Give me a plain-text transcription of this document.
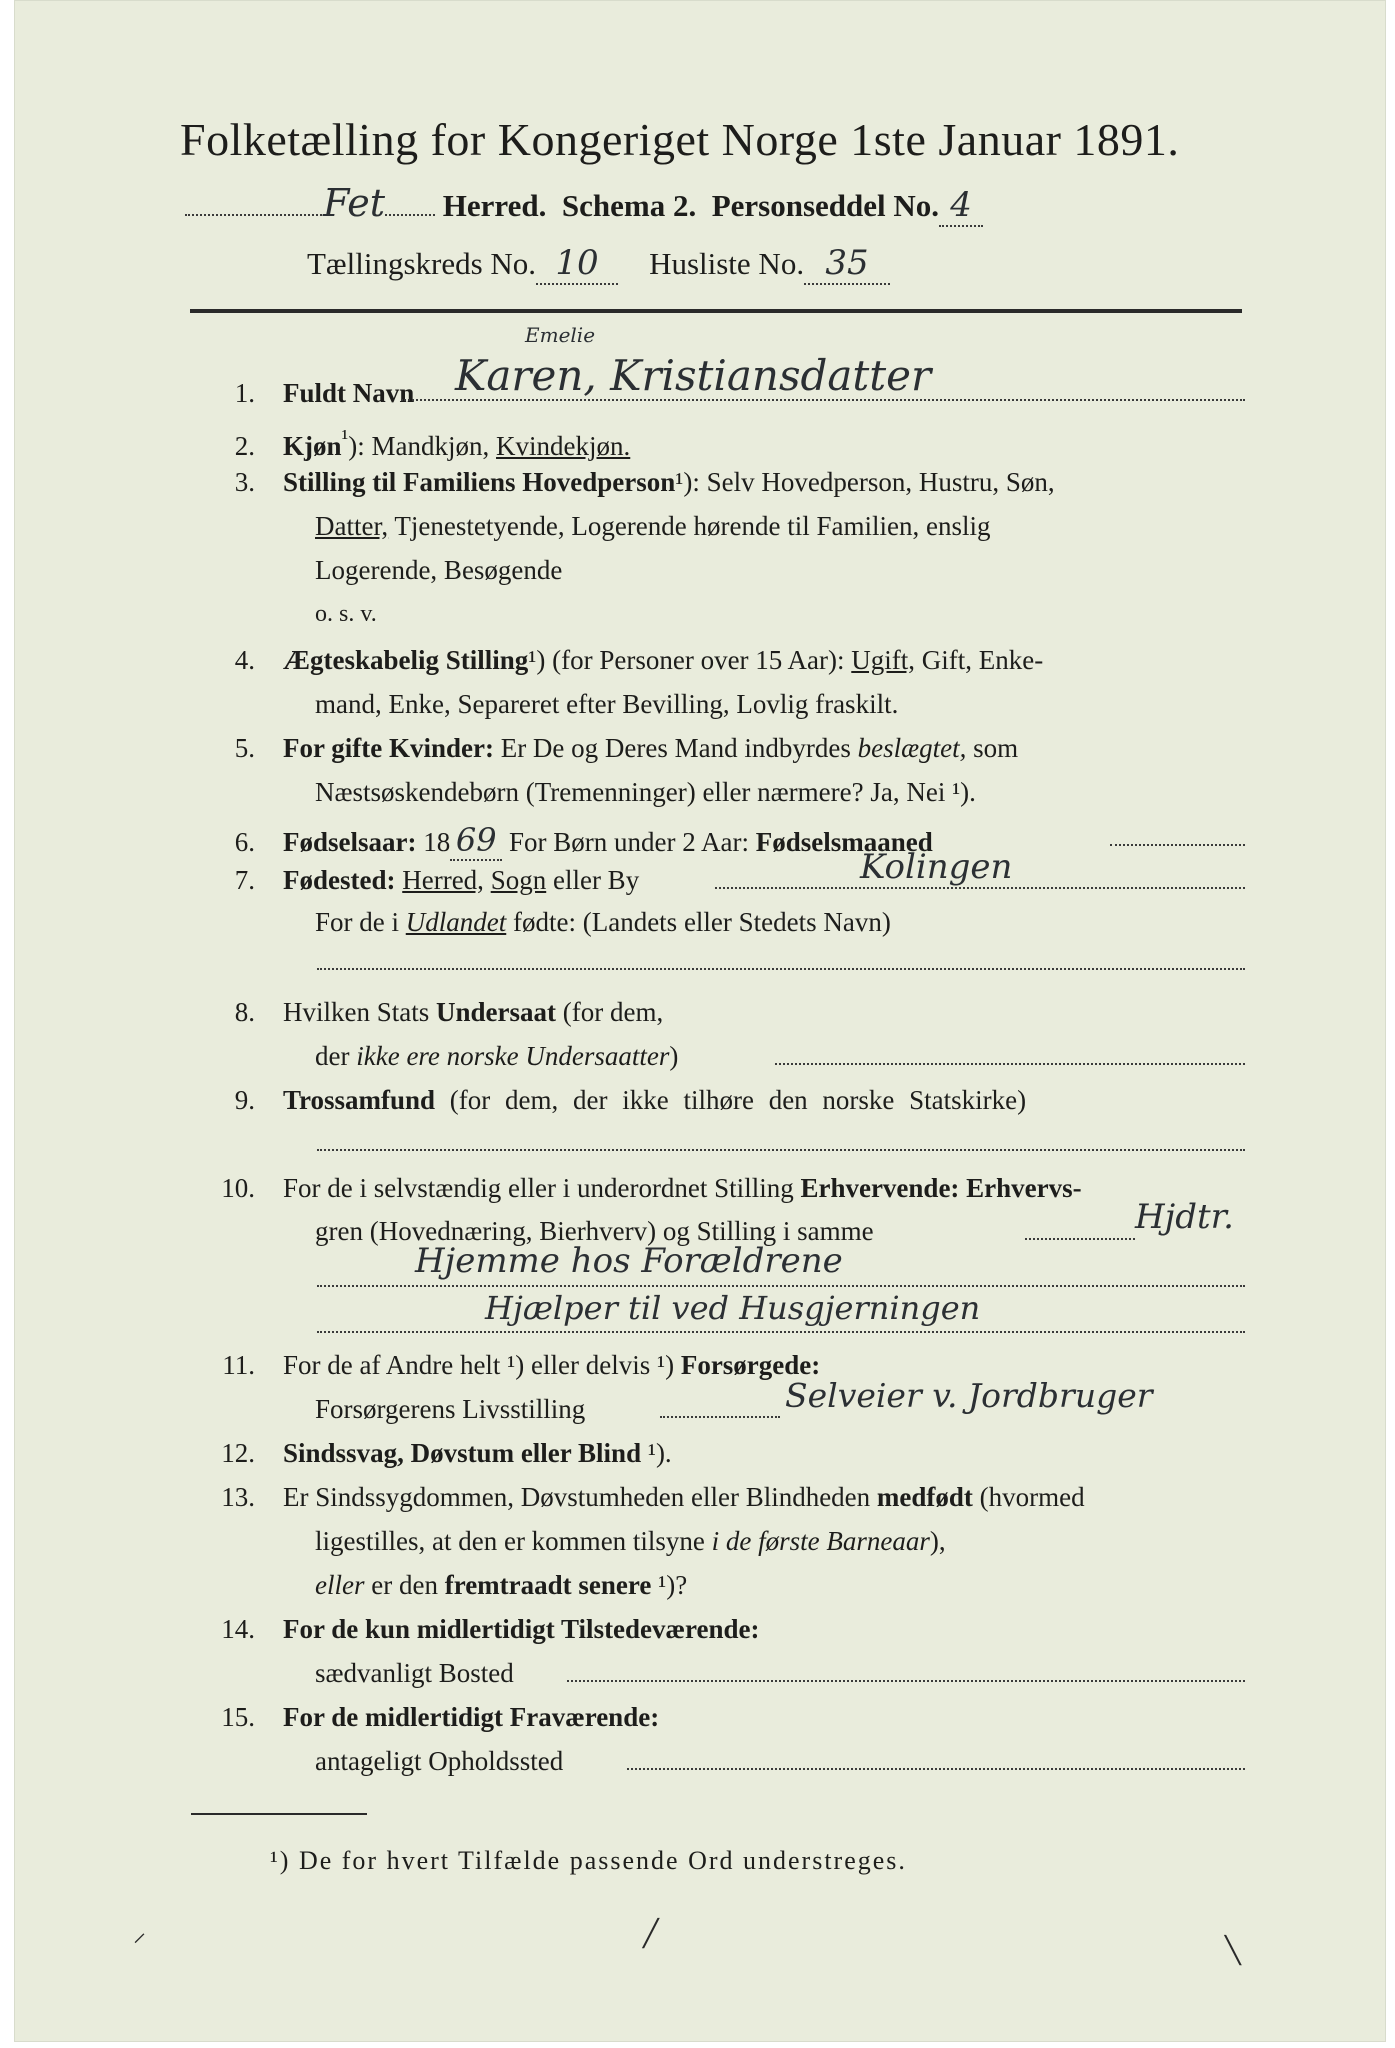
Folketælling for Kongeriget Norge 1ste Januar 1891.
Fet Herred. Schema 2. Personseddel No. 4
Tællingskreds No. 10 Husliste No. 35
Emelie
1. Fuldt Navn Karen, Kristiansdatter
2. Kjøn$^{^1}$): Mandkjøn, Kvindekjøn.
3. Stilling til Familiens Hovedperson¹): Selv Hovedperson, Hustru, Søn,
Datter, Tjenestetyende, Logerende hørende til Familien, enslig
Logerende, Besøgende
o. s. v.
4. Ægteskabelig Stilling¹) (for Personer over 15 Aar): Ugift, Gift, Enke-
mand, Enke, Separeret efter Bevilling, Lovlig fraskilt.
5. For gifte Kvinder: Er De og Deres Mand indbyrdes beslægtet, som
Næstsøskendebørn (Tremenninger) eller nærmere? Ja, Nei ¹).
6. Fødselsaar: 18 69 For Børn under 2 Aar: Fødselsmaaned
7. Fødested: Herred, Sogn eller By	Kolingen
For de i Udlandet fødte: (Landets eller Stedets Navn)
8. Hvilken Stats Undersaat (for dem,
der ikke ere norske Undersaatter)
9. Trossamfund (for dem, der ikke tilhøre den norske Statskirke)
10. For de i selvstændig eller i underordnet Stilling Erhvervende: Erhvervs-
gren (Hovednæring, Bierhverv) og Stilling i samme	Hjdtr.
Hjemme hos Forældrene
Hjælper til ved Husgjerningen
11. For de af Andre helt ¹) eller delvis ¹) Forsørgede:
Forsørgerens Livsstilling	Selveier v. Jordbruger
12. Sindssvag, Døvstum eller Blind ¹).
13. Er Sindssygdommen, Døvstumheden eller Blindheden medfødt (hvormed
ligestilles, at den er kommen tilsyne i de første Barneaar),
eller er den fremtraadt senere ¹)?
14. For de kun midlertidigt Tilstedeværende:
sædvanligt Bosted
15. For de midlertidigt Fraværende:
antageligt Opholdssted
¹) De for hvert Tilfælde passende Ord understreges.
⸝	╱
╲
